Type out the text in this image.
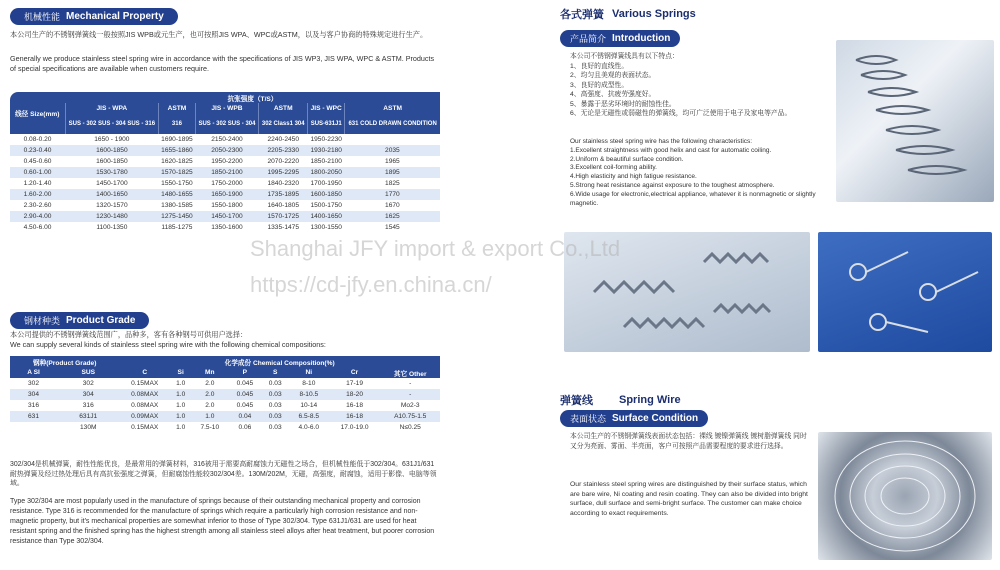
机械性能 Mechanical Property
本公司生产的不锈钢弹簧线一般按照JIS WPB或元生产，也可按照JIS WPA、WPC或ASTM，以及与客户协商的特殊规定进行生产。
Generally we produce stainless steel spring wire in accordance with the specifications of JIS WP3, JIS WPA, WPC & ASTM. Products of special specifications are available when customers require.
线径 Size(mm)	抗张强度（T/S）					
	JIS - WPA	ASTM	JIS - WPB	ASTM	JIS - WPC	ASTM
	SUS - 302 SUS - 304 SUS - 316	316	SUS - 302 SUS - 304	302 Class1 304	SUS-631J1	631 COLD DRAWN CONDITION
0.08-0.20	1650 - 1900	1690-1895	2150-2400	2240-2450	1950-2230	
0.23-0.40	1600-1850	1655-1860	2050-2300	2205-2330	1930-2180	2035
0.45-0.60	1600-1850	1620-1825	1950-2200	2070-2220	1850-2100	1965
0.60-1.00	1530-1780	1570-1825	1850-2100	1995-2295	1800-2050	1895
1.20-1.40	1450-1700	1550-1750	1750-2000	1840-2320	1700-1950	1825
1.60-2.00	1400-1650	1480-1655	1650-1900	1735-1895	1600-1850	1770
2.30-2.60	1320-1570	1380-1585	1550-1800	1640-1805	1500-1750	1670
2.90-4.00	1230-1480	1275-1450	1450-1700	1570-1725	1400-1650	1625
4.50-6.00	1100-1350	1185-1275	1350-1600	1335-1475	1300-1550	1545
钢材种类 Product Grade
本公司提供的不锈钢弹簧线范围广，品种多，客有各种钢号可供用户选择：
We can supply several kinds of stainless steel spring wire with the following chemical compositions:
钢种(Product Grade)		化学成份 Chemical Composition(%)							
A SI	SUS	C	Si	Mn	P	S	Ni	Cr	其它 Other
302	302	0.15MAX	1.0	2.0	0.045	0.03	8-10	17-19	-
304	304	0.08MAX	1.0	2.0	0.045	0.03	8-10.5	18-20	-
316	316	0.08MAX	1.0	2.0	0.045	0.03	10-14	16-18	Mo2-3
631	631J1	0.09MAX	1.0	1.0	0.04	0.03	6.5-8.5	16-18	A10.75-1.5
	130M	0.15MAX	1.0	7.5-10	0.06	0.03	4.0-6.0	17.0-19.0	N≤0.25
302/304是机械弹簧，耐性性能优良，是最常用的弹簧材料，316被用于需要高耐腐蚀力无磁性之场合，但机械性能低于302/304。631J1/631耐热弹簧及经过热处理后具有高抗张强度之弹簧，但耐腐蚀性能较302/304差。130M/202M，无磁，高强度，耐腐蚀，适用于影像、电脑等领域。
Type 302/304 are most popularly used in the manufacture of springs because of their outstanding mechanical property and corrosion resistance. Type 316 is recommended for the manufacture of springs which require a particularly high corrosion resistance and non-magnetic property, but it's mechanical properties are somewhat inferior to those of Type 302/304. Type 631J1/631 are used for heat resistant spring and the finished spring has the highest strength among all stainless steel alloys after heat treatment, but poorer corrosion resistance than Type 302/304.
各式弹簧 Various Springs
产品简介 Introduction
本公司不锈钢弹簧线具有以下特点：
1、良好的直线性。
2、均匀且美观的表面状态。
3、良好的成型性。
4、高强度、抗疲劳强度好。
5、暴露于恶劣环境时的耐蚀性佳。
6、无论是无磁性或弱磁性的弹簧线，均可广泛使用于电子及家电等产品。
Our stainless steel spring wire has the following characteristics:
1.Excellent straightness with good helix and cast for automatic coiling.
2.Uniform & beautiful surface condition.
3.Excellent coil-forming ability.
4.High elasticity and high fatigue resistance.
5.Strong heat resistance against exposure to the toughest atmosphere.
6.Wide usage for electronic,electrical appliance, whatever it is nonmagnetic or slightly magnetic.
弹簧线 Spring Wire
表面状态 Surface Condition
本公司生产的不锈钢弹簧线表面状态包括：裸线 镀镍弹簧线 镀树脂弹簧线 同时又分为亮面、雾面、半亮面，客户可按照产品需要程度的要求进行选择。
Our stainless steel spring wires are distinguished by their surface status, which are bare wire, Ni coating and resin coating. They can also be divided into bright surface, dull surface and semi-bright surface. The customer can make choice according to exact requirements.
Shanghai JFY import & export Co.,Ltd
https://cd-jfy.en.china.cn/
